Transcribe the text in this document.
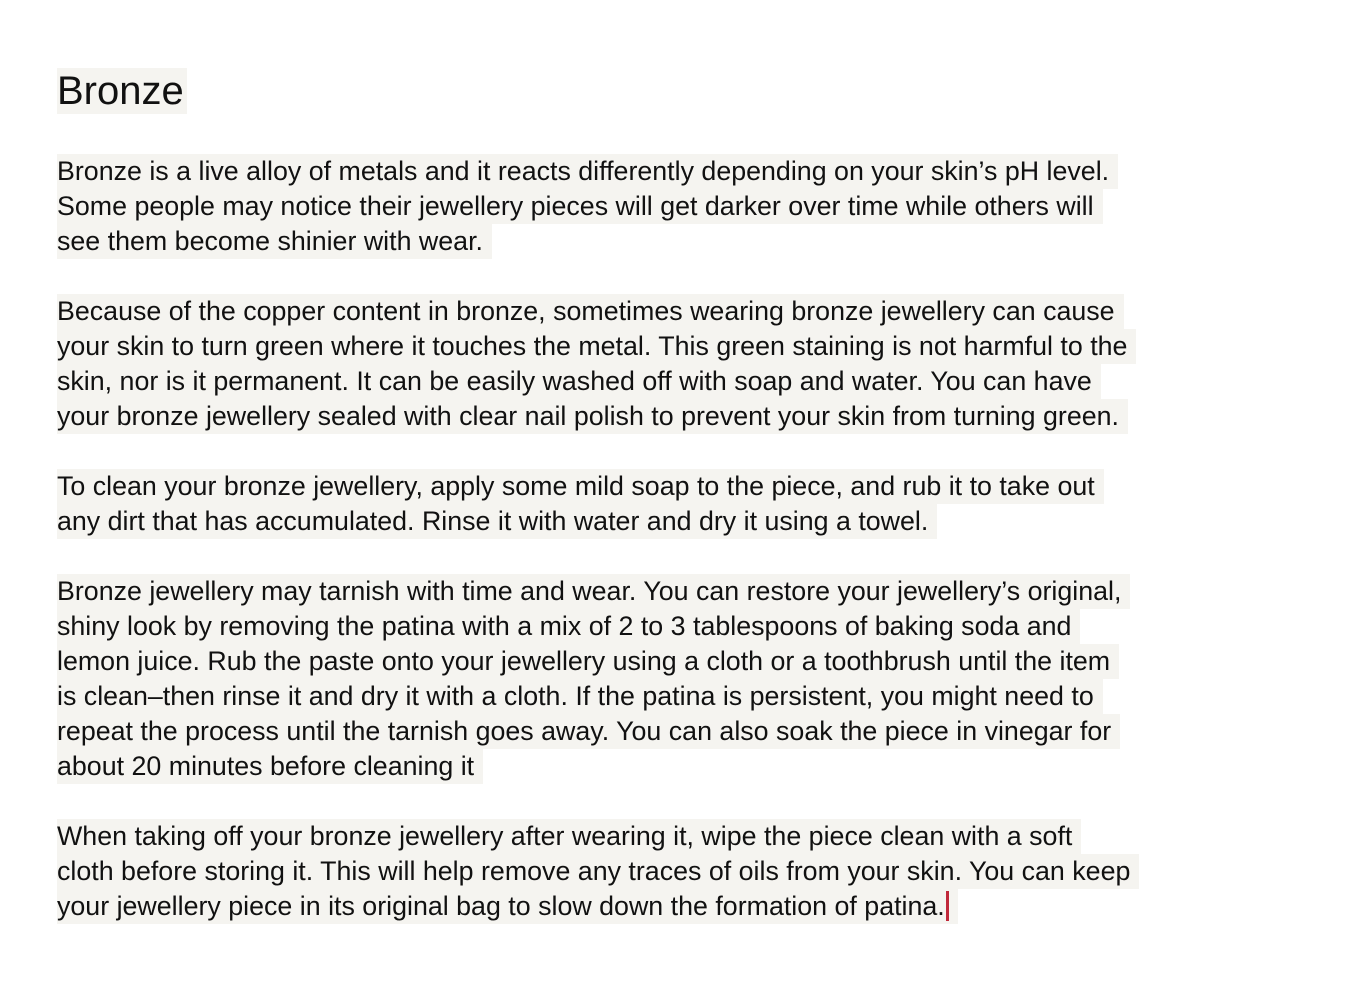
Bronze
Bronze is a live alloy of metals and it reacts differently depending on your skin’s pH level.
Some people may notice their jewellery pieces will get darker over time while others will
see them become shinier with wear.
Because of the copper content in bronze, sometimes wearing bronze jewellery can cause
your skin to turn green where it touches the metal. This green staining is not harmful to the
skin, nor is it permanent. It can be easily washed off with soap and water. You can have
your bronze jewellery sealed with clear nail polish to prevent your skin from turning green.
To clean your bronze jewellery, apply some mild soap to the piece, and rub it to take out
any dirt that has accumulated. Rinse it with water and dry it using a towel.
Bronze jewellery may tarnish with time and wear. You can restore your jewellery’s original,
shiny look by removing the patina with a mix of 2 to 3 tablespoons of baking soda and
lemon juice. Rub the paste onto your jewellery using a cloth or a toothbrush until the item
is clean–then rinse it and dry it with a cloth. If the patina is persistent, you might need to
repeat the process until the tarnish goes away. You can also soak the piece in vinegar for
about 20 minutes before cleaning it
When taking off your bronze jewellery after wearing it, wipe the piece clean with a soft
cloth before storing it. This will help remove any traces of oils from your skin. You can keep
your jewellery piece in its original bag to slow down the formation of patina.
